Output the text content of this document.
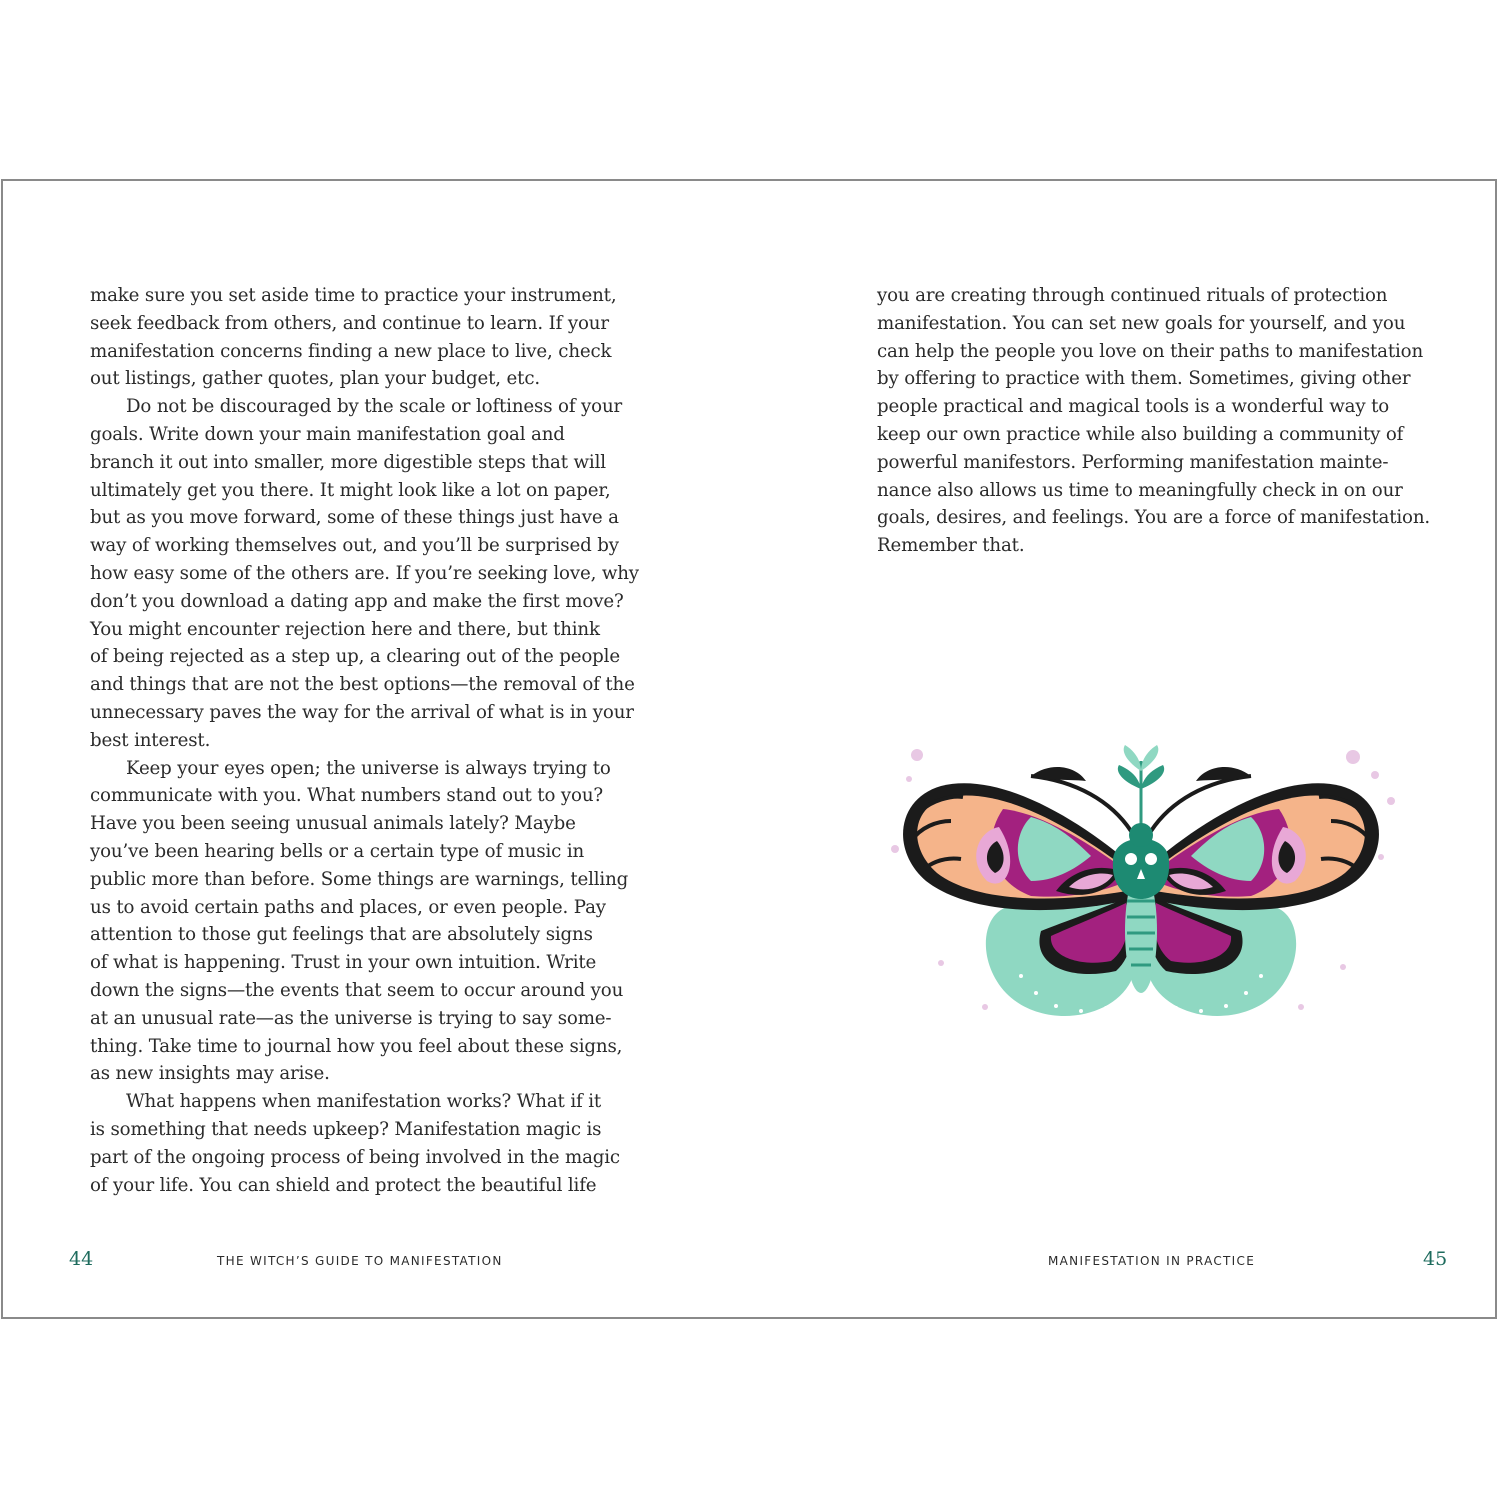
make sure you set aside time to practice your instrument,
seek feedback from others, and continue to learn. If your
manifestation concerns finding a new place to live, check
out listings, gather quotes, plan your budget, etc.

Do not be discouraged by the scale or loftiness of your
goals. Write down your main manifestation goal and
branch it out into smaller, more digestible steps that will
ultimately get you there. It might look like a lot on paper,
but as you move forward, some of these things just have a
way of working themselves out, and you’ll be surprised by
how easy some of the others are. If you’re seeking love, why
don’t you download a dating app and make the first move?
You might encounter rejection here and there, but think
of being rejected as a step up, a clearing out of the people
and things that are not the best options—the removal of the
unnecessary paves the way for the arrival of what is in your
best interest.

Keep your eyes open; the universe is always trying to
communicate with you. What numbers stand out to you?
Have you been seeing unusual animals lately? Maybe
you’ve been hearing bells or a certain type of music in
public more than before. Some things are warnings, telling
us to avoid certain paths and places, or even people. Pay
attention to those gut feelings that are absolutely signs
of what is happening. Trust in your own intuition. Write
down the signs—the events that seem to occur around you
at an unusual rate—as the universe is trying to say some-
thing. Take time to journal how you feel about these signs,
as new insights may arise.

What happens when manifestation works? What if it
is something that needs upkeep? Manifestation magic is
part of the ongoing process of being involved in the magic
of your life. You can shield and protect the beautiful life

44	THE WITCH’S GUIDE TO MANIFESTATION

you are creating through continued rituals of protection
manifestation. You can set new goals for yourself, and you
can help the people you love on their paths to manifestation
by offering to practice with them. Sometimes, giving other
people practical and magical tools is a wonderful way to
keep our own practice while also building a community of
powerful manifestors. Performing manifestation mainte-
nance also allows us time to meaningfully check in on our
goals, desires, and feelings. You are a force of manifestation.
Remember that.

MANIFESTATION IN PRACTICE	45
